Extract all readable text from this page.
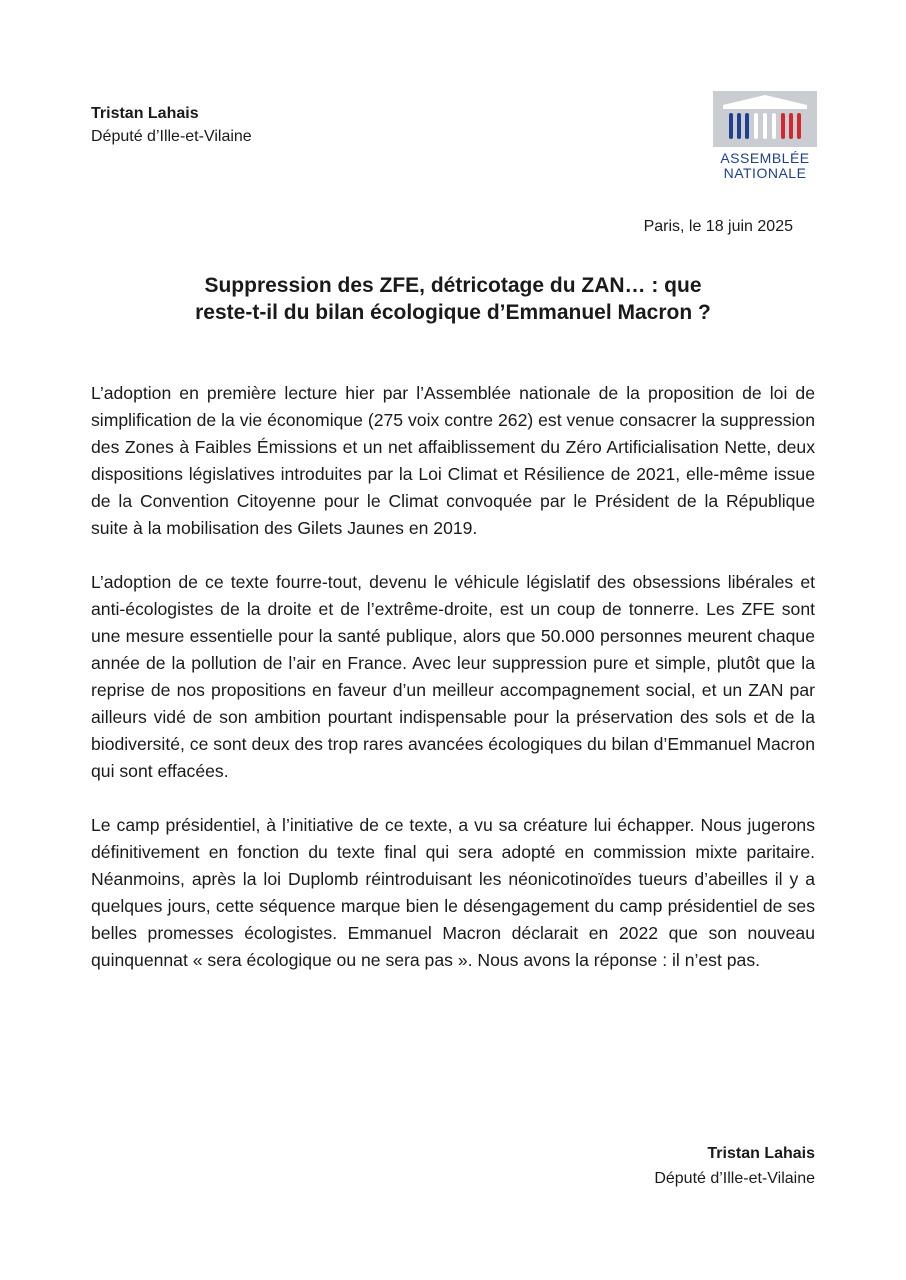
Tristan Lahais
Député d’Ille-et-Vilaine
ASSEMBLÉE
NATIONALE
Paris, le 18 juin 2025
Suppression des ZFE, détricotage du ZAN… : que
reste-t-il du bilan écologique d’Emmanuel Macron ?

L’adoption en première lecture hier par l’Assemblée nationale de la proposition de loi de simplification de la vie économique (275 voix contre 262) est venue consacrer la suppression des Zones à Faibles Émissions et un net affaiblissement du Zéro Artificialisation Nette, deux dispositions législatives introduites par la Loi Climat et Résilience de 2021, elle-même issue de la Convention Citoyenne pour le Climat convoquée par le Président de la République suite à la mobilisation des Gilets Jaunes en 2019.

L’adoption de ce texte fourre-tout, devenu le véhicule législatif des obsessions libérales et anti-écologistes de la droite et de l’extrême-droite, est un coup de tonnerre. Les ZFE sont une mesure essentielle pour la santé publique, alors que 50.000 personnes meurent chaque année de la pollution de l’air en France. Avec leur suppression pure et simple, plutôt que la reprise de nos propositions en faveur d’un meilleur accompagnement social, et un ZAN par ailleurs vidé de son ambition pourtant indispensable pour la préservation des sols et de la biodiversité, ce sont deux des trop rares avancées écologiques du bilan d’Emmanuel Macron qui sont effacées.

Le camp présidentiel, à l’initiative de ce texte, a vu sa créature lui échapper. Nous jugerons définitivement en fonction du texte final qui sera adopté en commission mixte paritaire. Néanmoins, après la loi Duplomb réintroduisant les néonicotinoïdes tueurs d’abeilles il y a quelques jours, cette séquence marque bien le désengagement du camp présidentiel de ses belles promesses écologistes. Emmanuel Macron déclarait en 2022 que son nouveau quinquennat « sera écologique ou ne sera pas ». Nous avons la réponse : il n’est pas.

Tristan Lahais
Député d’Ille-et-Vilaine
